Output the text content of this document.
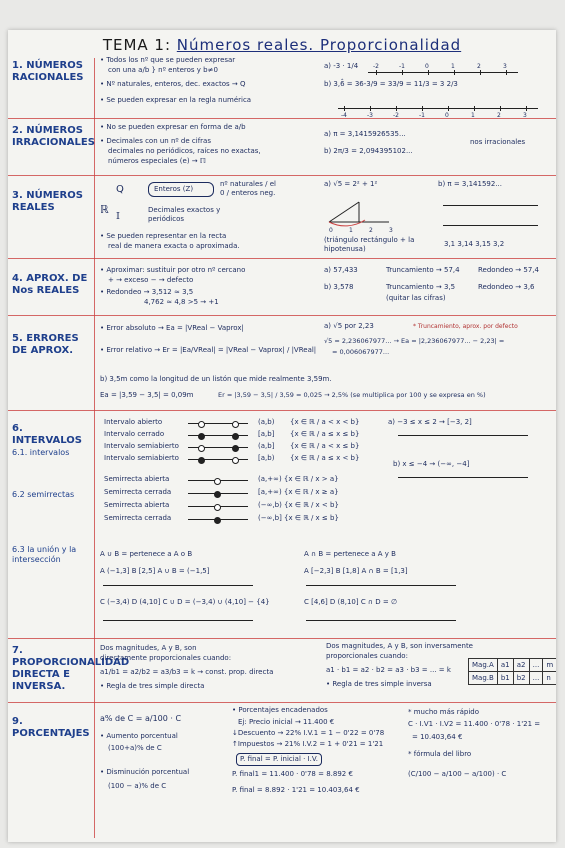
TEMA 1: Números reales. Proporcionalidad
1. NÚMEROS RACIONALES
2. NÚMEROS IRRACIONALES
3. NÚMEROS REALES
4. APROX. DE Nos REALES
5. ERRORES DE APROX.
6. INTERVALOS
6.1. intervalos
6.2 semirrectas
6.3 la unión y la intersección
7. PROPORCIONALIDAD DIRECTA E INVERSA.
9. PORCENTAJES
• Todos los nº que se pueden expresar
con una a/b } nº enteros y b≠0
• Nº naturales, enteros, dec. exactos → Q
• Se pueden expresar en la regla numérica
a) -3 · 1/4
b) 3,6̂ = 36-3/9 = 33/9 = 11/3 = 3 2/3
• No se pueden expresar en forma de a/b
• Decimales con un nº de cifras
decimales no periódicos, raíces no exactas,
números especiales (e) → ℿ
a) π = 3,1415926535...
b) 2π/3 = 2,094395102...
nos irracionales
ℝ
Q
𝕀
Enteros (Z)
nº naturales / el 0 / enteros neg.
Decimales exactos y periódicos
• Se pueden representar en la recta
real de manera exacta o aproximada.
a) √5 = 2² + 1²	b) π = 3,141592...
(triángulo rectángulo + la hipotenusa)
3,1 3,14 3,15 3,2
• Aproximar: sustituir por otro nº cercano
+ → exceso − → defecto
• Redondeo → 3,512 ≈ 3,5
4,762 ≈ 4,8 >5 → +1
a) 57,433	Truncamiento → 57,4	Redondeo → 57,4
b) 3,578	Truncamiento → 3,5	Redondeo → 3,6
(quitar las cifras)
• Error absoluto → Ea = |VReal − Vaprox|
• Error relativo → Er = |Ea/VReal| = |VReal − Vaprox| / |VReal|
a) √5 por 2,23	* Truncamiento, aprox. por defecto
√5 = 2,236067977... → Ea = |2,236067977... − 2,23| =
= 0,006067977...
b) 3,5m como la longitud de un listón que mide realmente 3,59m.
Ea = |3,59 − 3,5| = 0,09m	Er = |3,59 − 3,5| / 3,59 = 0,025 → 2,5% (se multiplica por 100 y se expresa en %)
a) −3 ≤ x ≤ 2 → [−3, 2]
b) x ≤ −4 → (−∞, −4]
A ∪ B = pertenece a A o B	A ∩ B = pertenece a A y B
A (−1,3] B [2,5] A ∪ B = (−1,5]	A [−2,3] B [1,8] A ∩ B = [1,3]
C (−3,4) D (4,10] C ∪ D = (−3,4) ∪ (4,10] − {4}	C [4,6] D (8,10] C ∩ D = ∅
Dos magnitudes, A y B, son
directamente proporcionales cuando:
a1/b1 = a2/b2 = a3/b3 = k → const. prop. directa
• Regla de tres simple directa
Dos magnitudes, A y B, son inversamente
proporcionales cuando:
a1 · b1 = a2 · b2 = a3 · b3 = ... = k
• Regla de tres simple inversa
Mag.A	a1	a2	...	m
Mag.B	b1	b2	...	n
a% de C = a/100 · C
• Aumento porcentual
(100+a)% de C
• Disminución porcentual
(100 − a)% de C
• Porcentajes encadenados
Ej: Precio inicial → 11.400 €
↓Descuento → 22% I.V.1 = 1 − 0'22 = 0'78
↑Impuestos → 21% I.V.2 = 1 + 0'21 = 1'21
P. final = P. inicial · I.V.
P. final1 = 11.400 · 0'78 = 8.892 €
P. final = 8.892 · 1'21 = 10.403,64 €
* mucho más rápido
C · I.V1 · I.V2 = 11.400 · 0'78 · 1'21 =
= 10.403,64 €
* fórmula del libro
(C/100 − a/100 − a/100) · C
Intervalo abierto	(a,b) {x ∈ ℝ / a < x < b}
Intervalo cerrado	[a,b] {x ∈ ℝ / a ≤ x ≤ b}
Intervalo semiabierto	(a,b] {x ∈ ℝ / a < x ≤ b}
Intervalo semiabierto	[a,b) {x ∈ ℝ / a ≤ x < b}
Semirrecta abierta	(a,+∞) {x ∈ ℝ / x > a}
Semirrecta cerrada	[a,+∞) {x ∈ ℝ / x ≥ a}
Semirrecta abierta	(−∞,b) {x ∈ ℝ / x < b}
Semirrecta cerrada	(−∞,b] {x ∈ ℝ / x ≤ b}
-2	-1	0	1	2	3
-4	-3	-2	-1	0	1	2	3
0	1	2	3
